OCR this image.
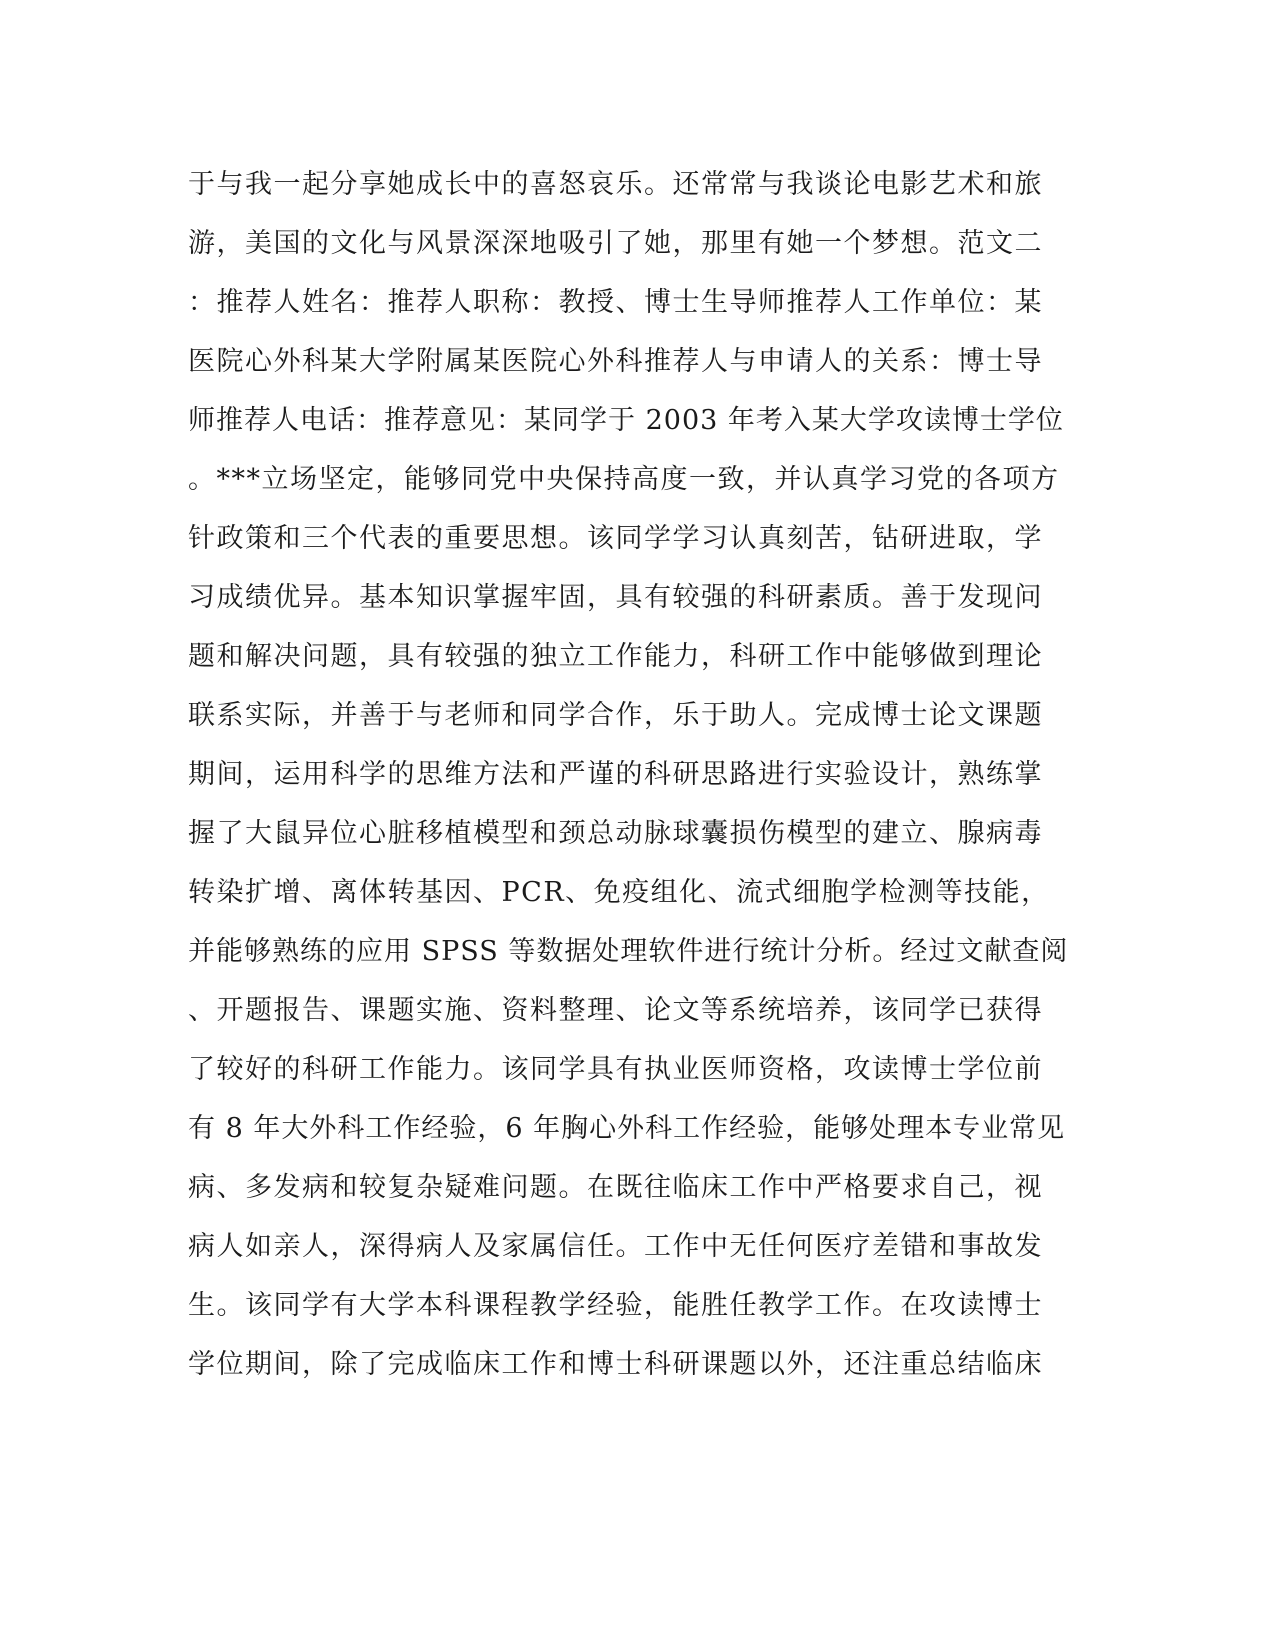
于与我一起分享她成长中的喜怒哀乐。还常常与我谈论电影艺术和旅
游，美国的文化与风景深深地吸引了她，那里有她一个梦想。范文二
：推荐人姓名：推荐人职称：教授、博士生导师推荐人工作单位：某
医院心外科某大学附属某医院心外科推荐人与申请人的关系：博士导
师推荐人电话：推荐意见：某同学于 2003 年考入某大学攻读博士学位
。***立场坚定，能够同党中央保持高度一致，并认真学习党的各项方
针政策和三个代表的重要思想。该同学学习认真刻苦，钻研进取，学
习成绩优异。基本知识掌握牢固，具有较强的科研素质。善于发现问
题和解决问题，具有较强的独立工作能力，科研工作中能够做到理论
联系实际，并善于与老师和同学合作，乐于助人。完成博士论文课题
期间，运用科学的思维方法和严谨的科研思路进行实验设计，熟练掌
握了大鼠异位心脏移植模型和颈总动脉球囊损伤模型的建立、腺病毒
转染扩增、离体转基因、PCR、免疫组化、流式细胞学检测等技能，
并能够熟练的应用 SPSS 等数据处理软件进行统计分析。经过文献查阅
、开题报告、课题实施、资料整理、论文等系统培养，该同学已获得
了较好的科研工作能力。该同学具有执业医师资格，攻读博士学位前
有 8 年大外科工作经验，6 年胸心外科工作经验，能够处理本专业常见
病、多发病和较复杂疑难问题。在既往临床工作中严格要求自己，视
病人如亲人，深得病人及家属信任。工作中无任何医疗差错和事故发
生。该同学有大学本科课程教学经验，能胜任教学工作。在攻读博士
学位期间，除了完成临床工作和博士科研课题以外，还注重总结临床
